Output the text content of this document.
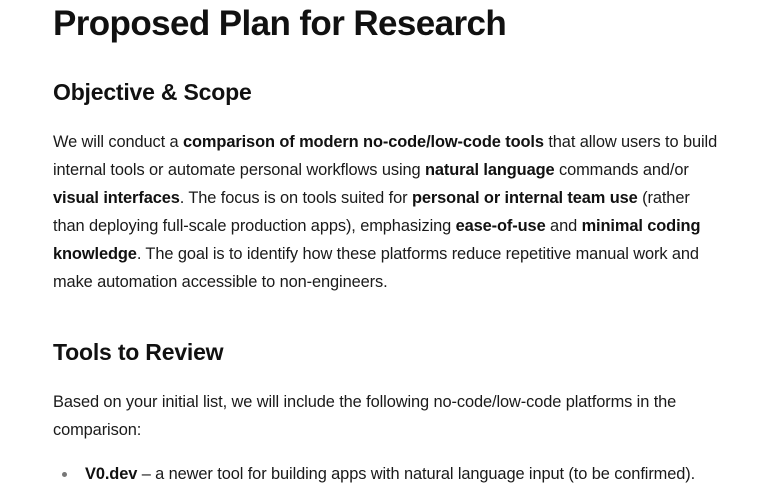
Proposed Plan for Research
Objective & Scope

We will conduct a comparison of modern no-code/low-code tools that allow users to build internal tools or automate personal workflows using natural language commands and/or visual interfaces. The focus is on tools suited for personal or internal team use (rather than deploying full-scale production apps), emphasizing ease-of-use and minimal coding knowledge. The goal is to identify how these platforms reduce repetitive manual work and make automation accessible to non-engineers.

Tools to Review

Based on your initial list, we will include the following no-code/low-code platforms in the comparison:

V0.dev – a newer tool for building apps with natural language input (to be confirmed).
